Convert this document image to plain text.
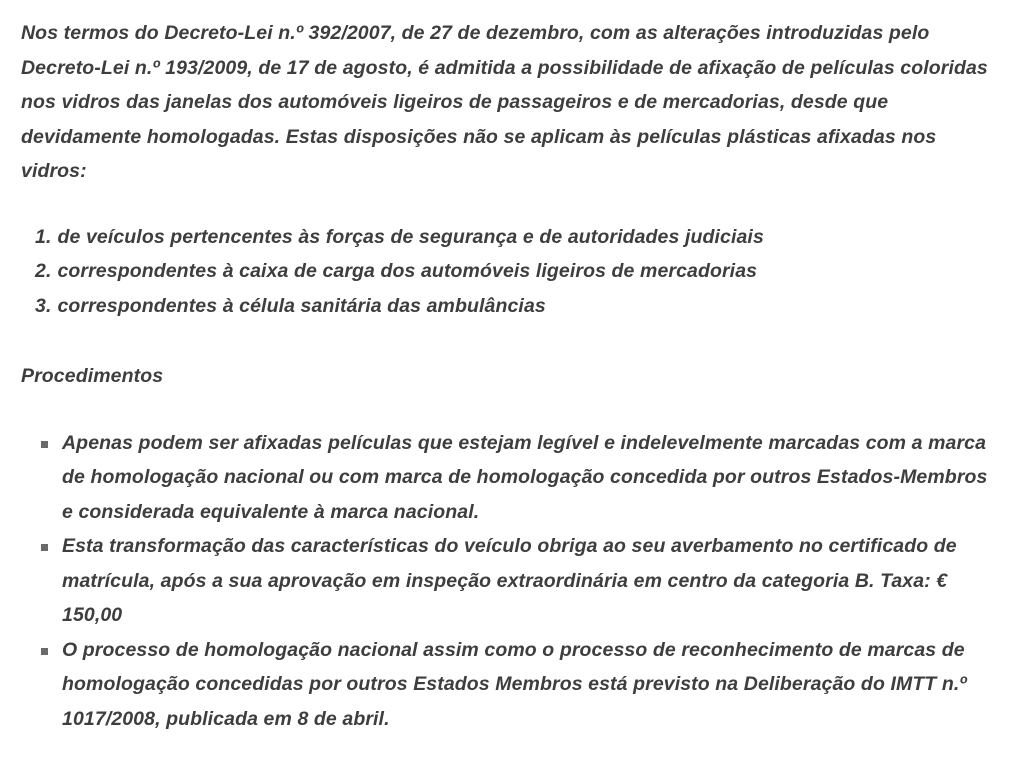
Nos termos do Decreto-Lei n.º 392/2007, de 27 de dezembro, com as alterações introduzidas pelo Decreto-Lei n.º 193/2009, de 17 de agosto, é admitida a possibilidade de afixação de películas coloridas nos vidros das janelas dos automóveis ligeiros de passageiros e de mercadorias, desde que devidamente homologadas. Estas disposições não se aplicam às películas plásticas afixadas nos vidros:

1. de veículos pertencentes às forças de segurança e de autoridades judiciais
2. correspondentes à caixa de carga dos automóveis ligeiros de mercadorias
3. correspondentes à célula sanitária das ambulâncias

Procedimentos

Apenas podem ser afixadas películas que estejam legível e indelevelmente marcadas com a marca de homologação nacional ou com marca de homologação concedida por outros Estados-Membros e considerada equivalente à marca nacional.
Esta transformação das características do veículo obriga ao seu averbamento no certificado de matrícula, após a sua aprovação em inspeção extraordinária em centro da categoria B. Taxa: € 150,00
O processo de homologação nacional assim como o processo de reconhecimento de marcas de homologação concedidas por outros Estados Membros está previsto na Deliberação do IMTT n.º 1017/2008, publicada em 8 de abril.
